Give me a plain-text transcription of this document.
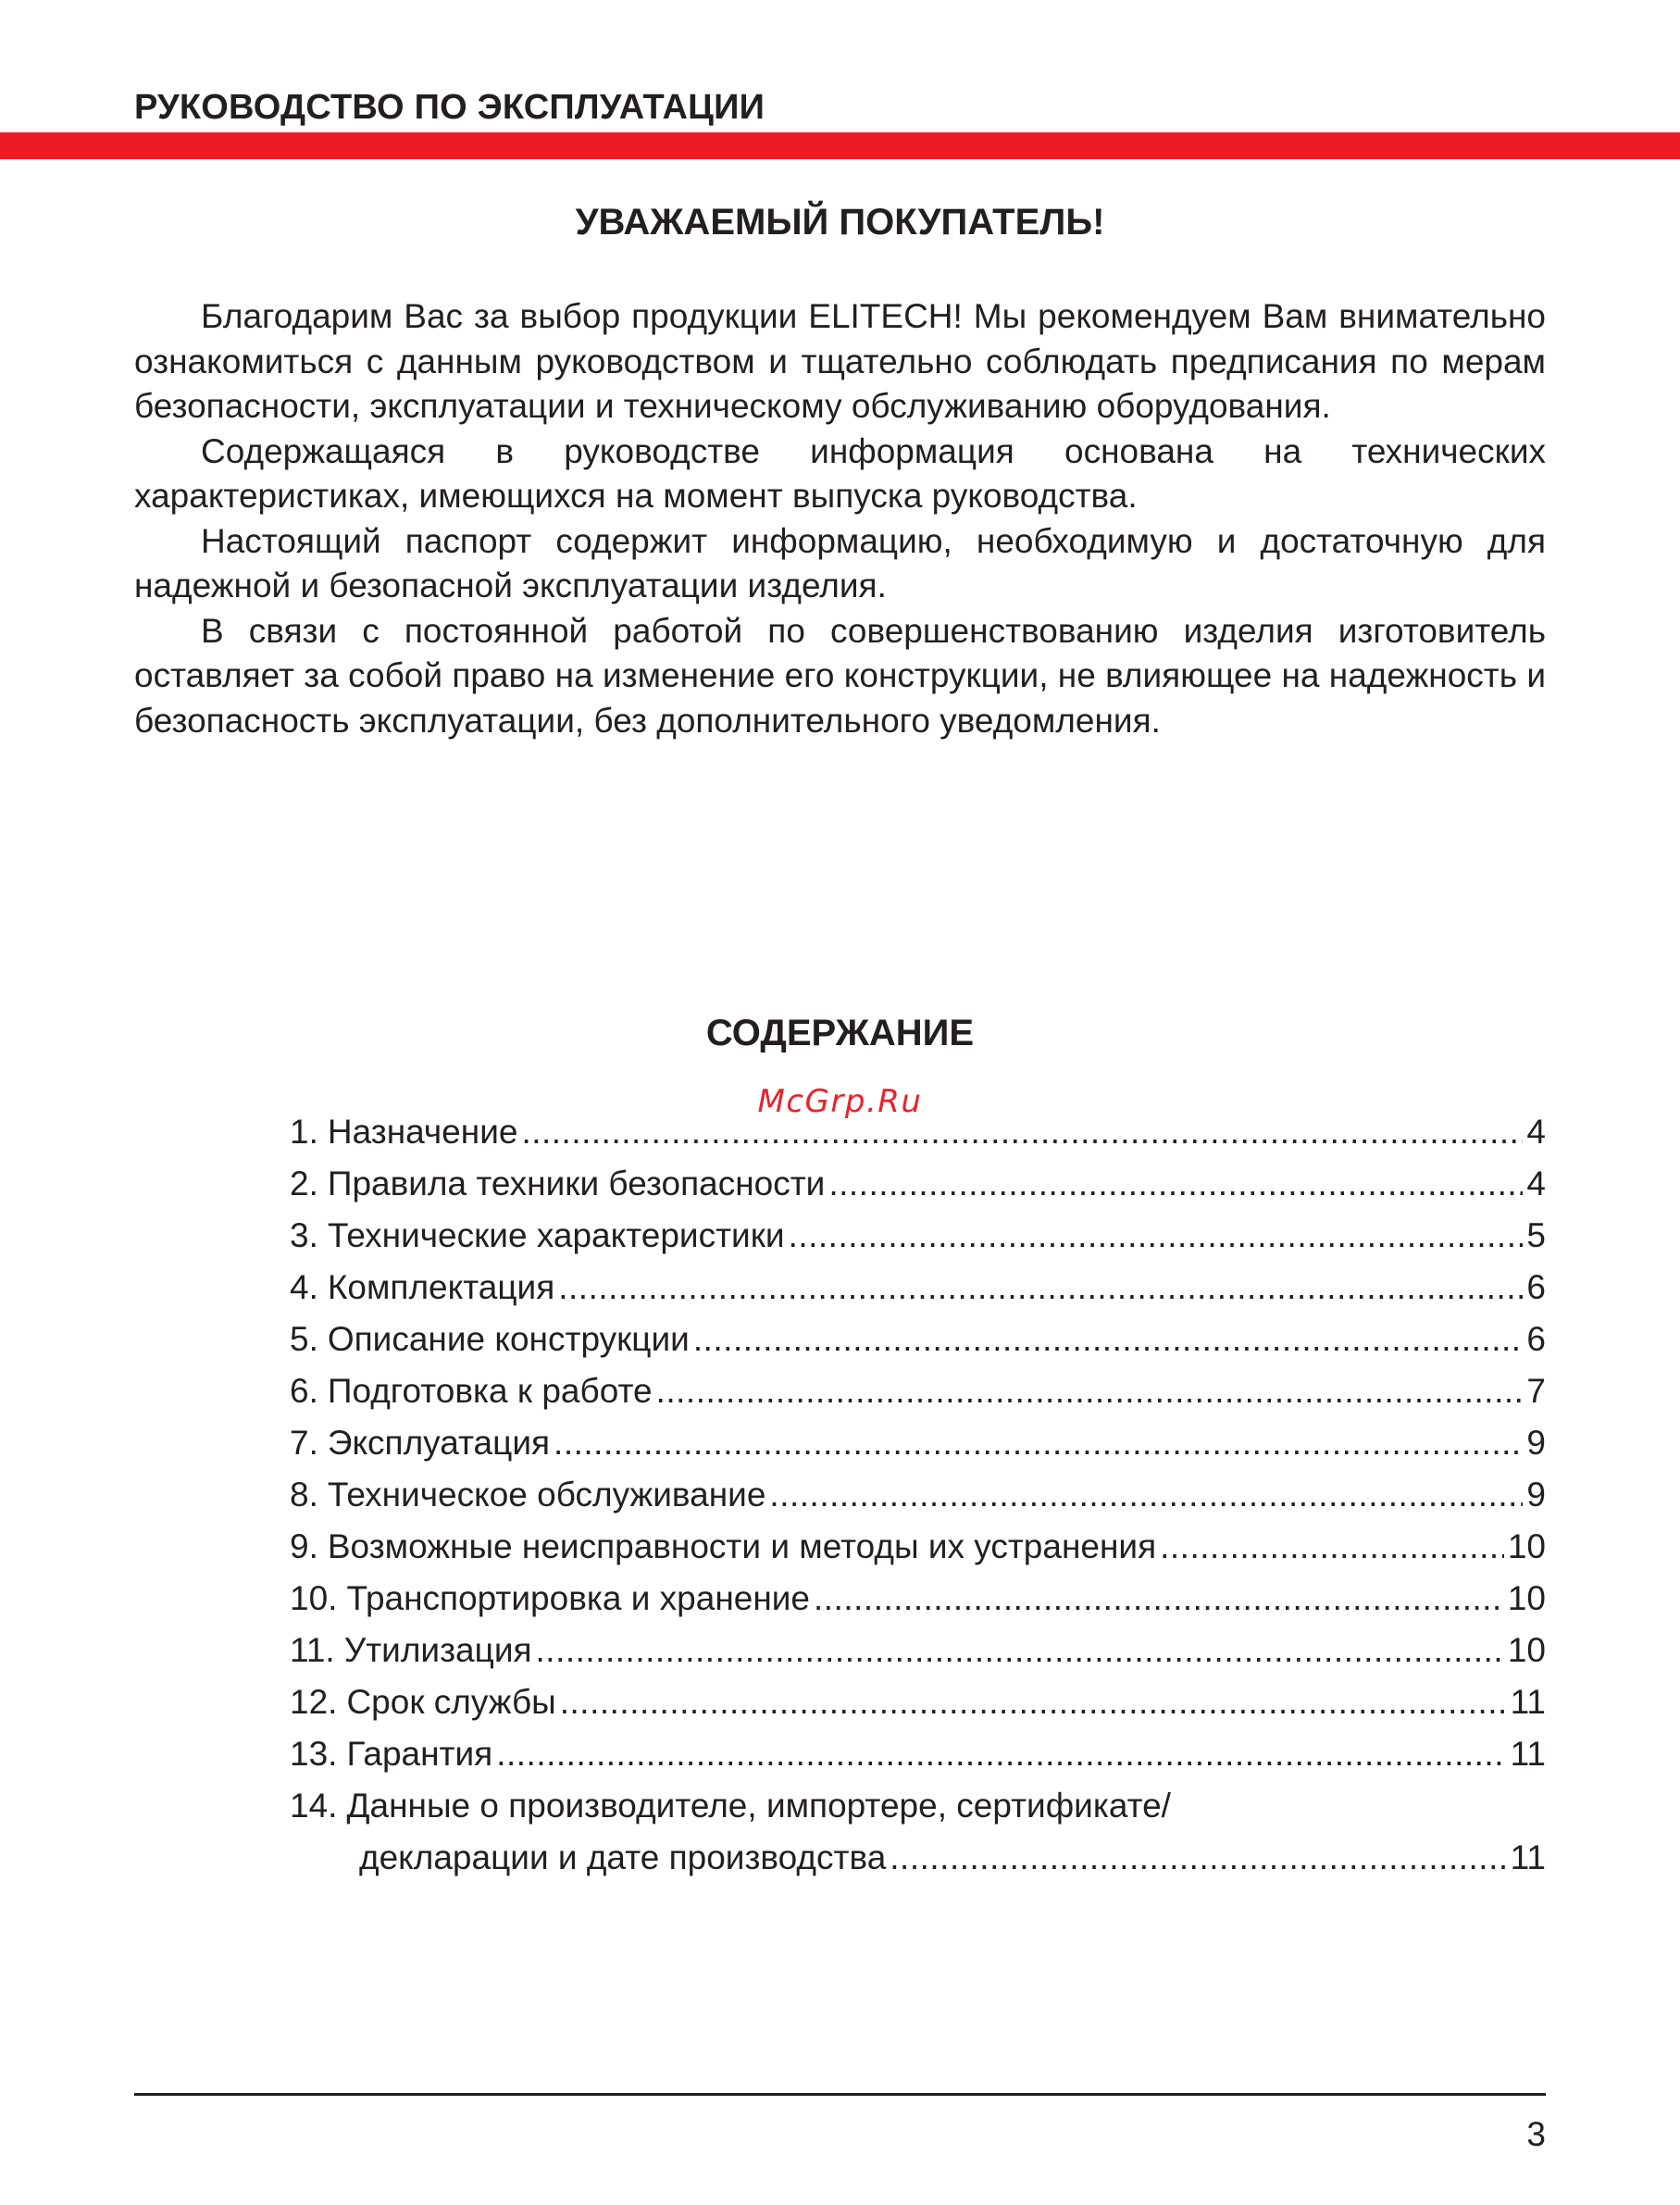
РУКОВОДСТВО ПО ЭКСПЛУАТАЦИИ
УВАЖАЕМЫЙ ПОКУПАТЕЛЬ!

Благодарим Вас за выбор продукции ELITECH! Мы рекомендуем Вам внимательно ознакомиться с данным руководством и тщательно соблюдать предписания по мерам безопасности, эксплуатации и техническому обслуживанию оборудования.

Содержащаяся в руководстве информация основана на технических характеристиках, имеющихся на момент выпуска руководства.

Настоящий паспорт содержит информацию, необходимую и достаточную для надежной и безопасной эксплуатации изделия.

В связи с постоянной работой по совершенствованию изделия изготовитель оставляет за собой право на изменение его конструкции, не влияющее на надежность и безопасность эксплуатации, без дополнительного уведомления.

СОДЕРЖАНИЕ
McGrp.Ru
1. Назначение .....	4
2. Правила техники безопасности .....	4
3. Технические характеристики .....	5
4. Комплектация .....	6
5. Описание конструкции .....	6
6. Подготовка к работе .....	7
7. Эксплуатация .....	9
8. Техническое обслуживание .....	9
9. Возможные неисправности и методы их устранения .....	10
10. Транспортировка и хранение .....	10
11. Утилизация .....	10
12. Срок службы .....	11
13. Гарантия .....	11
14. Данные о производителе, импортере, сертификате/
декларации и дате производства .....	11
3
